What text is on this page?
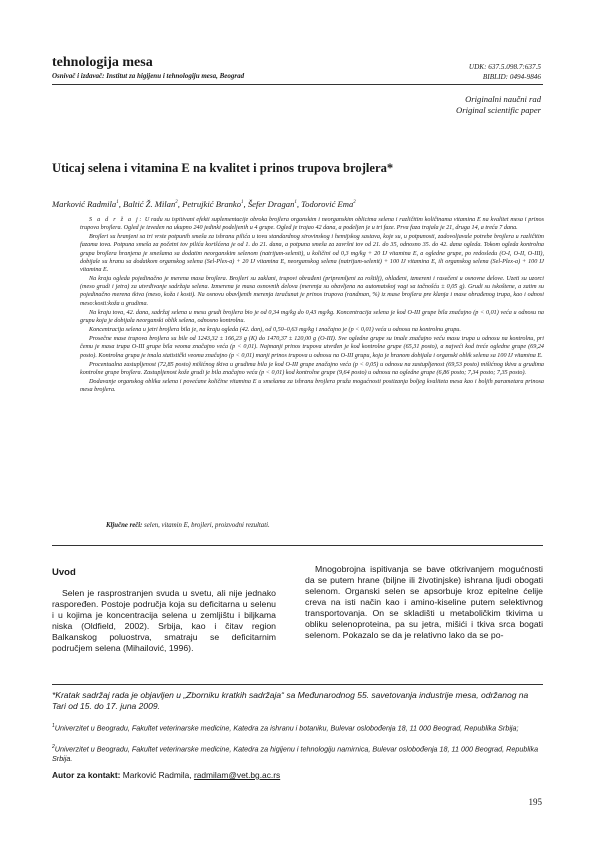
tehnologija mesa
Osnivač i izdavač: Institut za higijenu i tehnologiju mesa, Beograd
UDK: 637.5.098.7:637.5
BIBLID: 0494-9846
Originalni naučni rad
Original scientific paper
Uticaj selena i vitamina E na kvalitet i prinos trupova brojlera*
Marković Radmila$^1$, Baltić Ž. Milan$^2$, Petrujkić Branko$^1$, Šefer Dragan$^1$, Todorović Ema$^2$

S a d r ž a j: U radu su ispitivani efekti suplementacije obroka brojlera organskim i neorganskim oblicima selena i različitim količinama vitamina E na kvalitet mesa i prinos trupova brojlera. Ogled je izveden na ukupno 240 jedinki podeljenih u 4 grupe. Ogled je trajao 42 dana, a podeljen je u tri faze. Prva faza trajala je 21, druga 14, a treća 7 dana.

Brojleri su hranjeni sa tri vrste potpunih smeša za ishranu pilića u tovu standardnog sirovinskog i hemijskog sastava, koje su, u potpunosti, zadovoljavale potrebe brojlera u različitim fazama tova. Potpuna smeša za početni tov pilića korišćena je od 1. do 21. dana, a potpuna smeša za završni tov od 21. do 35, odnosno 35. do 42. dana ogleda. Tokom ogleda kontrolna grupa brojlera hranjena je smešama sa dodatim neorganskim selenom (natrijum-selenit), u količini od 0,3 mg/kg + 20 IJ vitamina E, a ogledne grupe, po redosledu (O-I, O-II, O-III), dobijale su hranu sa dodatkom organskog selena (Sel-Plex-a) + 20 IJ vitamina E, neorganskog selena (natrijum-selenit) + 100 IJ vitamina E, ili organskog selena (Sel-Plex-a) + 100 IJ vitamina E.

Na kraju ogleda pojedinačno je merena masa brojlera. Brojleri su zaklani, trupovi obrađeni (pripremljeni za roštilj), ohlađeni, izmereni i rasečeni u osnovne delove. Uzeti su uzorci (meso grudi i jetra) za utvrđivanje sadržaja selena. Izmerena je masa osnovnih delova (merenja su obavljena na automatskoj vagi sa tačnošću ± 0,05 g). Grudi su iskoštene, a zatim su pojedinačno merena tkiva (meso, koža i kosti). Na osnovu obavljenih merenja izračunat je prinos trupova (randman, %) iz mase brojlera pre klanja i mase obrađenog trupa, kao i odnosi meso:kosti:koža u grudima.

Na kraju tova, 42. dana, sadržaj selena u mesu grudi brojlera bio je od 0,34 mg/kg do 0,43 mg/kg. Koncentracija selena je kod O-III grupe bila značajno (p < 0,01) veća u odnosu na grupu koja je dobijala neorganski oblik selena, odnosno kontrolnu.

Koncentracija selena u jetri brojlera bila je, na kraju ogleda (42. dan), od 0,50–0,63 mg/kg i značajno je (p < 0,01) veća u odnosu na kontrolnu grupu.

Prosečne mase trupova brojlera su bile od 1243,32 ± 166,23 g (K) do 1470,37 ± 120,00 g (O-III). Sve ogledne grupe su imale značajno veću masu trupa u odnosu na kontrolnu, pri čemu je masa trupa O-III grupe bila veoma značajno veća (p < 0,01). Najmanji prinos trupova utvrđen je kod kontrolne grupe (65,31 posto), a najveći kod treće ogledne grupe (69,24 posto). Kontrolna grupa je imala statistički veoma značajno (p < 0,01) manji prinos trupova u odnosu na O-III grupu, koja je hranom dobijala i organski oblik selena sa 100 IJ vitamina E.

Procentualna zastupljenost (72,85 posto) mišićnog tkiva u grudima bila je kod O-III grupe značajno veća (p < 0,05) u odnosu na zastupljenost (69,53 posto) mišićnog tkiva u grudima kontrolne grupe brojlera. Zastupljenost kože grudi je bila značajno veća (p < 0,01) kod kontrolne grupe (9,64 posto) u odnosu na ogledne grupe (6,86 posto; 7,34 posto; 7,35 posto).

Dodavanje organskog oblika selena i povećane količine vitamina E u smešama za ishranu brojlera pruža mogućnosti postizanja boljeg kvaliteta mesa kao i boljih parametara prinosa mesa brojlera.

Ključne reči: selen, vitamin E, brojleri, proizvodni rezultati.
Uvod

Selen je rasprostranjen svuda u svetu, ali nije jednako raspoređen. Postoje područja koja su deficitarna u selenu i u kojima je koncentracija selena u zemljištu i biljkama niska (Oldfield, 2002). Srbija, kao i čitav region Balkanskog poluostrva, smatraju se deficitarnim područjem selena (Mihailović, 1996).

Mnogobrojna ispitivanja se bave otkrivanjem mogućnosti da se putem hrane (biljne ili životinjske) ishrana ljudi obogati selenom. Organski selen se apsorbuje kroz epitelne ćelije creva na isti način kao i amino-kiseline putem selektivnog transportovanja. On se skladišti u metaboličkim tkivima u obliku selenoproteina, pa su jetra, mišići i tkiva srca bogati selenom. Pokazalo se da je relativno lako da se po-

*Kratak sadržaj rada je objavljen u „Zborniku kratkih sadržaja“ sa Međunarodnog 55. savetovanja industrije mesa, održanog na Tari od 15. do 17. juna 2009.
$^1$Univerzitet u Beogradu, Fakultet veterinarske medicine, Katedra za ishranu i botaniku, Bulevar oslobođenja 18, 11 000 Beograd, Republika Srbija;
$^2$Univerzitet u Beogradu, Fakultet veterinarske medicine, Katedra za higijenu i tehnologiju namirnica, Bulevar oslobođenja 18, 11 000 Beograd, Republika Srbija.
Autor za kontakt: Marković Radmila, radmilam@vet.bg.ac.rs
195
